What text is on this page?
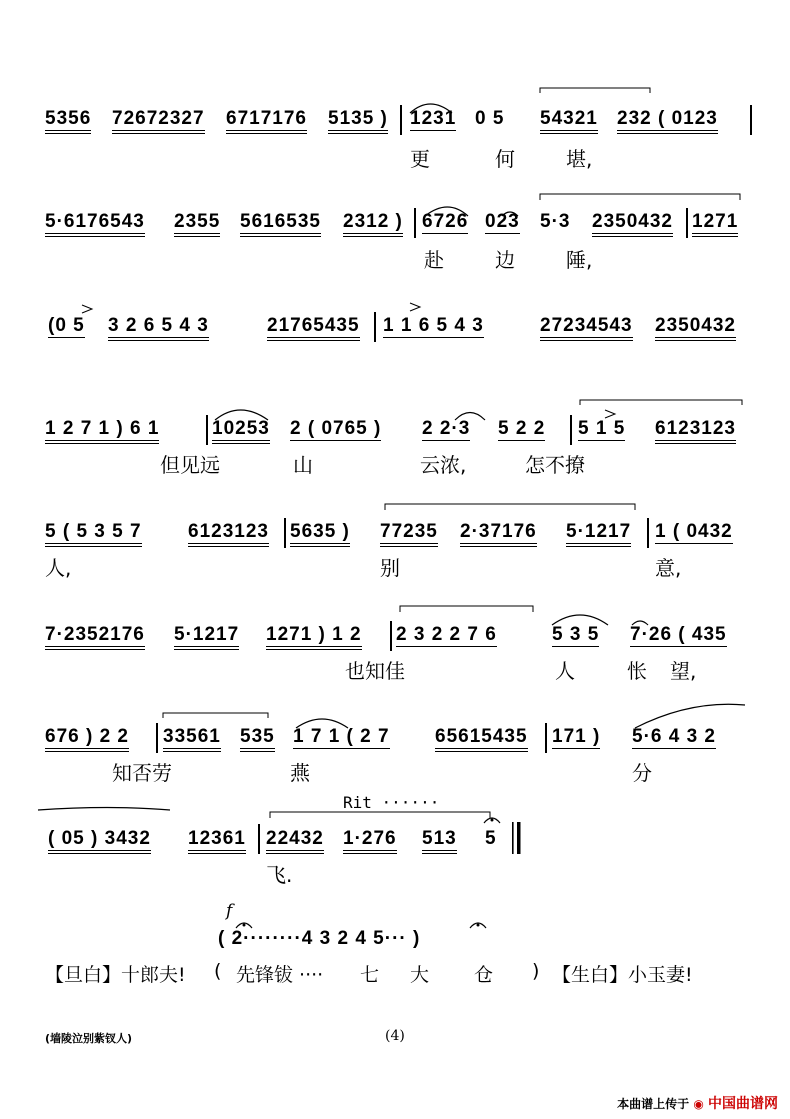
5356 72672327 6717176 5135 ) 1231 0 5 54321 232 ( 0123
更	何	堪,
5·6176543 2355 5616535 2312 ) 6726 023 5·3 2350432 1271
赴	边	陲,
(0 5 3 2 6 5 4 3	21765435 1 1 6 5 4 3	27234543 2350432
1 2 7 1 ) 6 1	10253 2 ( 0765 ) 2 2·3 5 2 2 5 1 5 6123123
但见远	山	云浓,	怎不撩
5 ( 5 3 5 7 6123123 5635 ) 77235 2·37176 5·1217 1 ( 0432
人,	别	意,
7·2352176 5·1217 1271 ) 1 2 2 3 2 2 7 6	5 3 5 7·26 ( 435
也知佳	人	怅 望,
676 ) 2 2 33561 535 1 7 1 ( 2 7 65615435 171 ) 5·6 4 3 2
知否劳	燕	分
( 05 ) 3432 12361 22432 1·276 513 5
飞.
Rit ······
f
( 2········4 3 2 4 5··· )
【旦白】十郎夫! ( 先锋钹 ···· 七 大 仓 ) 【生白】小玉妻!
(墙陵泣别紫钗人)	(4)
本曲谱上传于 ◉ 中国曲谱网
